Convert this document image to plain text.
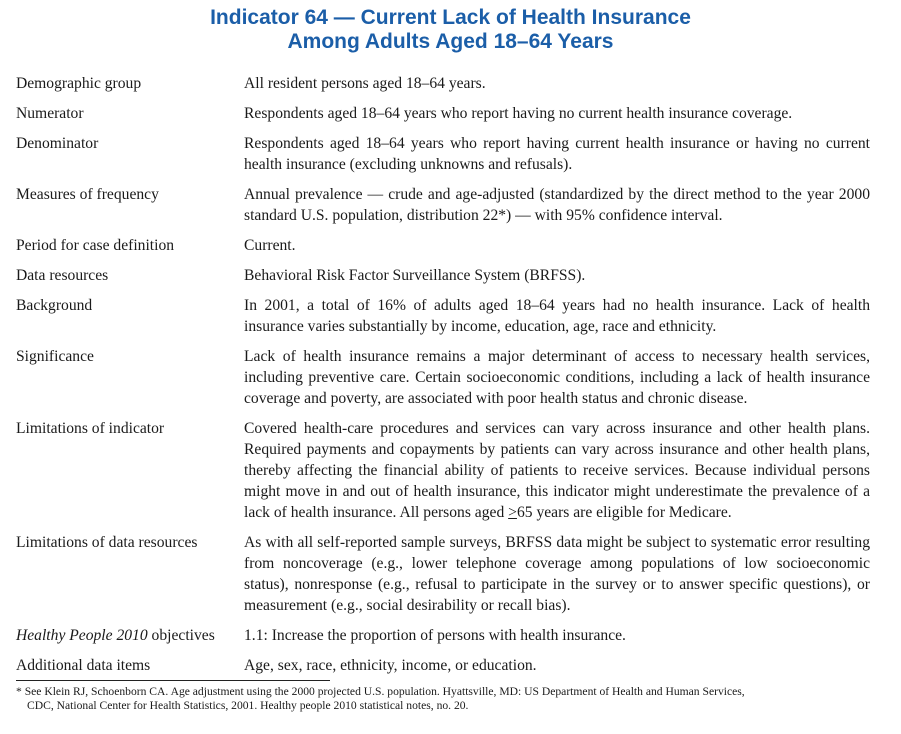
Indicator 64 — Current Lack of Health Insurance
Among Adults Aged 18–64 Years
Demographic group	All resident persons aged 18–64 years.
Numerator	Respondents aged 18–64 years who report having no current health insurance coverage.
Denominator	Respondents aged 18–64 years who report having current health insurance or having no current health insurance (excluding unknowns and refusals).
Measures of frequency	Annual prevalence — crude and age-adjusted (standardized by the direct method to the year 2000 standard U.S. population, distribution 22*) — with 95% confidence interval.
Period for case definition	Current.
Data resources	Behavioral Risk Factor Surveillance System (BRFSS).
Background	In 2001, a total of 16% of adults aged 18–64 years had no health insurance. Lack of health insurance varies substantially by income, education, age, race and ethnicity.
Significance	Lack of health insurance remains a major determinant of access to necessary health services, including preventive care. Certain socioeconomic conditions, including a lack of health insurance coverage and poverty, are associated with poor health status and chronic disease.
Limitations of indicator	Covered health-care procedures and services can vary across insurance and other health plans. Required payments and copayments by patients can vary across insurance and other health plans, thereby affecting the financial ability of patients to receive services. Because individual persons might move in and out of health insurance, this indicator might underestimate the prevalence of a lack of health insurance. All persons aged ≥65 years are eligible for Medicare.
Limitations of data resources	As with all self-reported sample surveys, BRFSS data might be subject to systematic error resulting from noncoverage (e.g., lower telephone coverage among populations of low socioeconomic status), nonresponse (e.g., refusal to participate in the survey or to answer specific questions), or measurement (e.g., social desirability or recall bias).
Healthy People 2010 objectives	1.1: Increase the proportion of persons with health insurance.
Additional data items	Age, sex, race, ethnicity, income, or education.
* See Klein RJ, Schoenborn CA. Age adjustment using the 2000 projected U.S. population. Hyattsville, MD: US Department of Health and Human Services,
CDC, National Center for Health Statistics, 2001. Healthy people 2010 statistical notes, no. 20.
